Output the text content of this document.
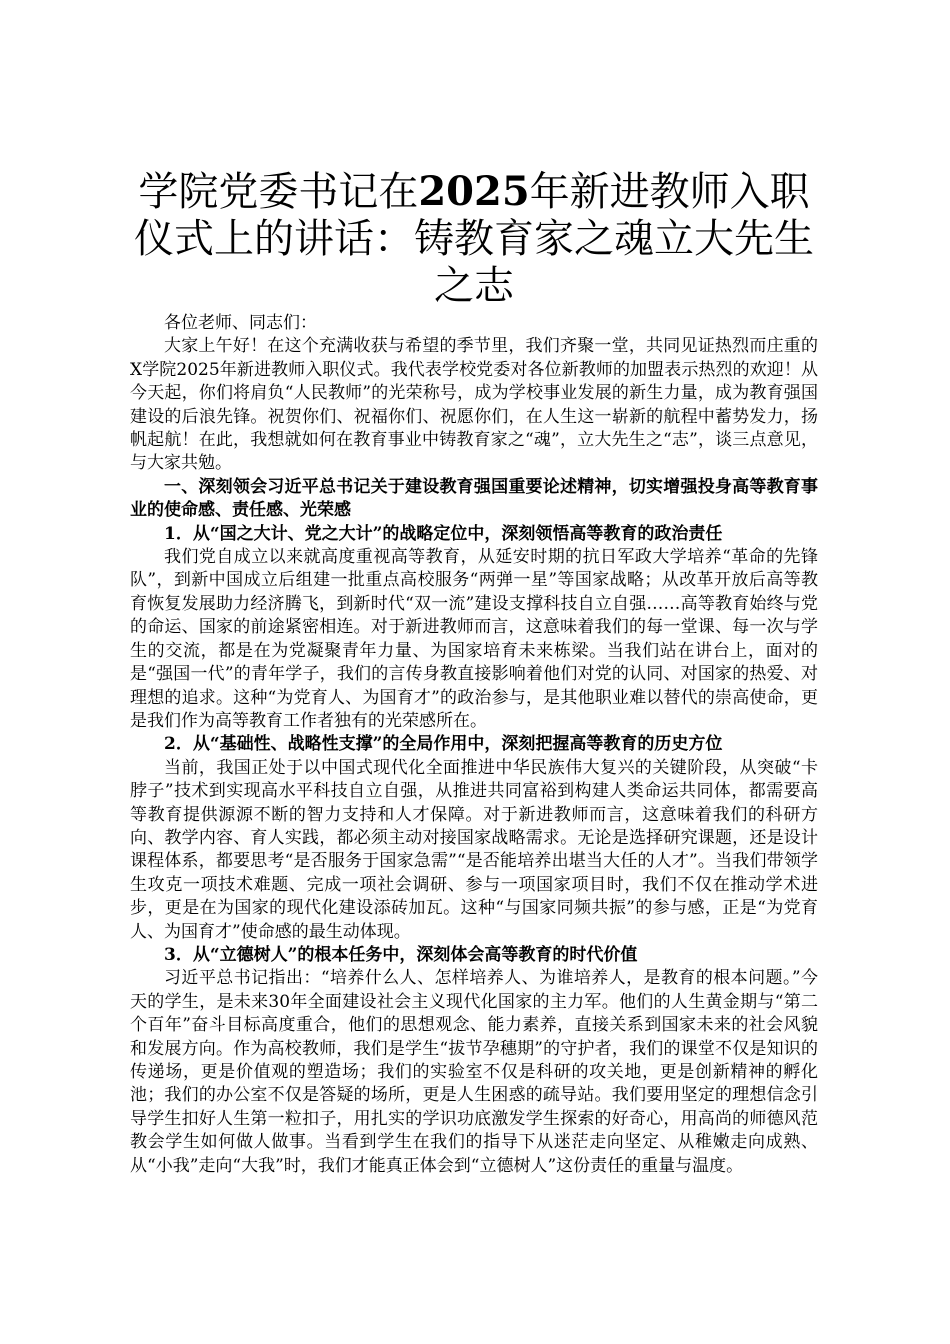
学院党委书记在2025年新进教师入职仪式上的讲话：铸教育家之魂立大先生之志

各位老师、同志们：

大家上午好！在这个充满收获与希望的季节里，我们齐聚一堂，共同见证热烈而庄重的X学院2025年新进教师入职仪式。我代表学校党委对各位新教师的加盟表示热烈的欢迎！从今天起，你们将肩负“人民教师”的光荣称号，成为学校事业发展的新生力量，成为教育强国建设的后浪先锋。祝贺你们、祝福你们、祝愿你们，在人生这一崭新的航程中蓄势发力，扬帆起航！在此，我想就如何在教育事业中铸教育家之“魂”，立大先生之“志”，谈三点意见，与大家共勉。

一、深刻领会习近平总书记关于建设教育强国重要论述精神，切实增强投身高等教育事业的使命感、责任感、光荣感

1．从“国之大计、党之大计”的战略定位中，深刻领悟高等教育的政治责任

我们党自成立以来就高度重视高等教育，从延安时期的抗日军政大学培养“革命的先锋队”，到新中国成立后组建一批重点高校服务“两弹一星”等国家战略；从改革开放后高等教育恢复发展助力经济腾飞，到新时代“双一流”建设支撑科技自立自强……高等教育始终与党的命运、国家的前途紧密相连。对于新进教师而言，这意味着我们的每一堂课、每一次与学生的交流，都是在为党凝聚青年力量、为国家培育未来栋梁。当我们站在讲台上，面对的是“强国一代”的青年学子，我们的言传身教直接影响着他们对党的认同、对国家的热爱、对理想的追求。这种“为党育人、为国育才”的政治参与，是其他职业难以替代的崇高使命，更是我们作为高等教育工作者独有的光荣感所在。

2．从“基础性、战略性支撑”的全局作用中，深刻把握高等教育的历史方位

当前，我国正处于以中国式现代化全面推进中华民族伟大复兴的关键阶段，从突破“卡脖子”技术到实现高水平科技自立自强，从推进共同富裕到构建人类命运共同体，都需要高等教育提供源源不断的智力支持和人才保障。对于新进教师而言，这意味着我们的科研方向、教学内容、育人实践，都必须主动对接国家战略需求。无论是选择研究课题，还是设计课程体系，都要思考“是否服务于国家急需”“是否能培养出堪当大任的人才”。当我们带领学生攻克一项技术难题、完成一项社会调研、参与一项国家项目时，我们不仅在推动学术进步，更是在为国家的现代化建设添砖加瓦。这种“与国家同频共振”的参与感，正是“为党育人、为国育才”使命感的最生动体现。

3．从“立德树人”的根本任务中，深刻体会高等教育的时代价值

习近平总书记指出：“培养什么人、怎样培养人、为谁培养人，是教育的根本问题。”今天的学生，是未来30年全面建设社会主义现代化国家的主力军。他们的人生黄金期与“第二个百年”奋斗目标高度重合，他们的思想观念、能力素养，直接关系到国家未来的社会风貌和发展方向。作为高校教师，我们是学生“拔节孕穗期”的守护者，我们的课堂不仅是知识的传递场，更是价值观的塑造场；我们的实验室不仅是科研的攻关地，更是创新精神的孵化池；我们的办公室不仅是答疑的场所，更是人生困惑的疏导站。我们要用坚定的理想信念引导学生扣好人生第一粒扣子，用扎实的学识功底激发学生探索的好奇心，用高尚的师德风范教会学生如何做人做事。当看到学生在我们的指导下从迷茫走向坚定、从稚嫩走向成熟、从“小我”走向“大我”时，我们才能真正体会到“立德树人”这份责任的重量与温度。
